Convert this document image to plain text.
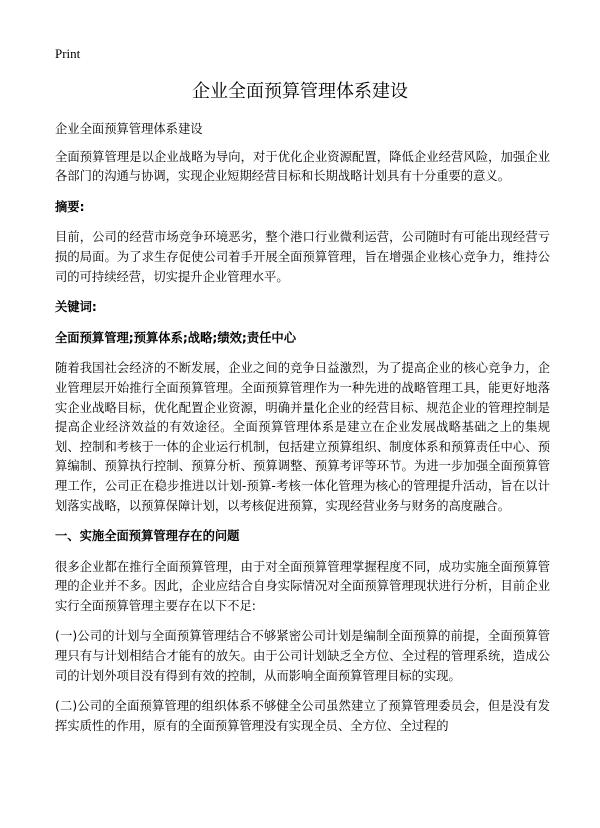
Print
企业全面预算管理体系建设

企业全面预算管理体系建设

全面预算管理是以企业战略为导向，对于优化企业资源配置，降低企业经营风险，加强企业各部门的沟通与协调，实现企业短期经营目标和长期战略计划具有十分重要的意义。

摘要:

目前，公司的经营市场竞争环境恶劣，整个港口行业微利运营，公司随时有可能出现经营亏损的局面。为了求生存促使公司着手开展全面预算管理，旨在增强企业核心竞争力，维持公司的可持续经营，切实提升企业管理水平。

关键词:

全面预算管理;预算体系;战略;绩效;责任中心

随着我国社会经济的不断发展，企业之间的竞争日益激烈，为了提高企业的核心竞争力，企业管理层开始推行全面预算管理。全面预算管理作为一种先进的战略管理工具，能更好地落实企业战略目标，优化配置企业资源，明确并量化企业的经营目标、规范企业的管理控制是提高企业经济效益的有效途径。全面预算管理体系是建立在企业发展战略基础之上的集规划、控制和考核于一体的企业运行机制，包括建立预算组织、制度体系和预算责任中心、预算编制、预算执行控制、预算分析、预算调整、预算考评等环节。为进一步加强全面预算管理工作，公司正在稳步推进以计划-预算-考核一体化管理为核心的管理提升活动，旨在以计划落实战略，以预算保障计划，以考核促进预算，实现经营业务与财务的高度融合。

一、实施全面预算管理存在的问题

很多企业都在推行全面预算管理，由于对全面预算管理掌握程度不同，成功实施全面预算管理的企业并不多。因此，企业应结合自身实际情况对全面预算管理现状进行分析，目前企业实行全面预算管理主要存在以下不足:

(一)公司的计划与全面预算管理结合不够紧密公司计划是编制全面预算的前提，全面预算管理只有与计划相结合才能有的放矢。由于公司计划缺乏全方位、全过程的管理系统，造成公司的计划外项目没有得到有效的控制，从而影响全面预算管理目标的实现。

(二)公司的全面预算管理的组织体系不够健全公司虽然建立了预算管理委员会，但是没有发挥实质性的作用，原有的全面预算管理没有实现全员、全方位、全过程的
